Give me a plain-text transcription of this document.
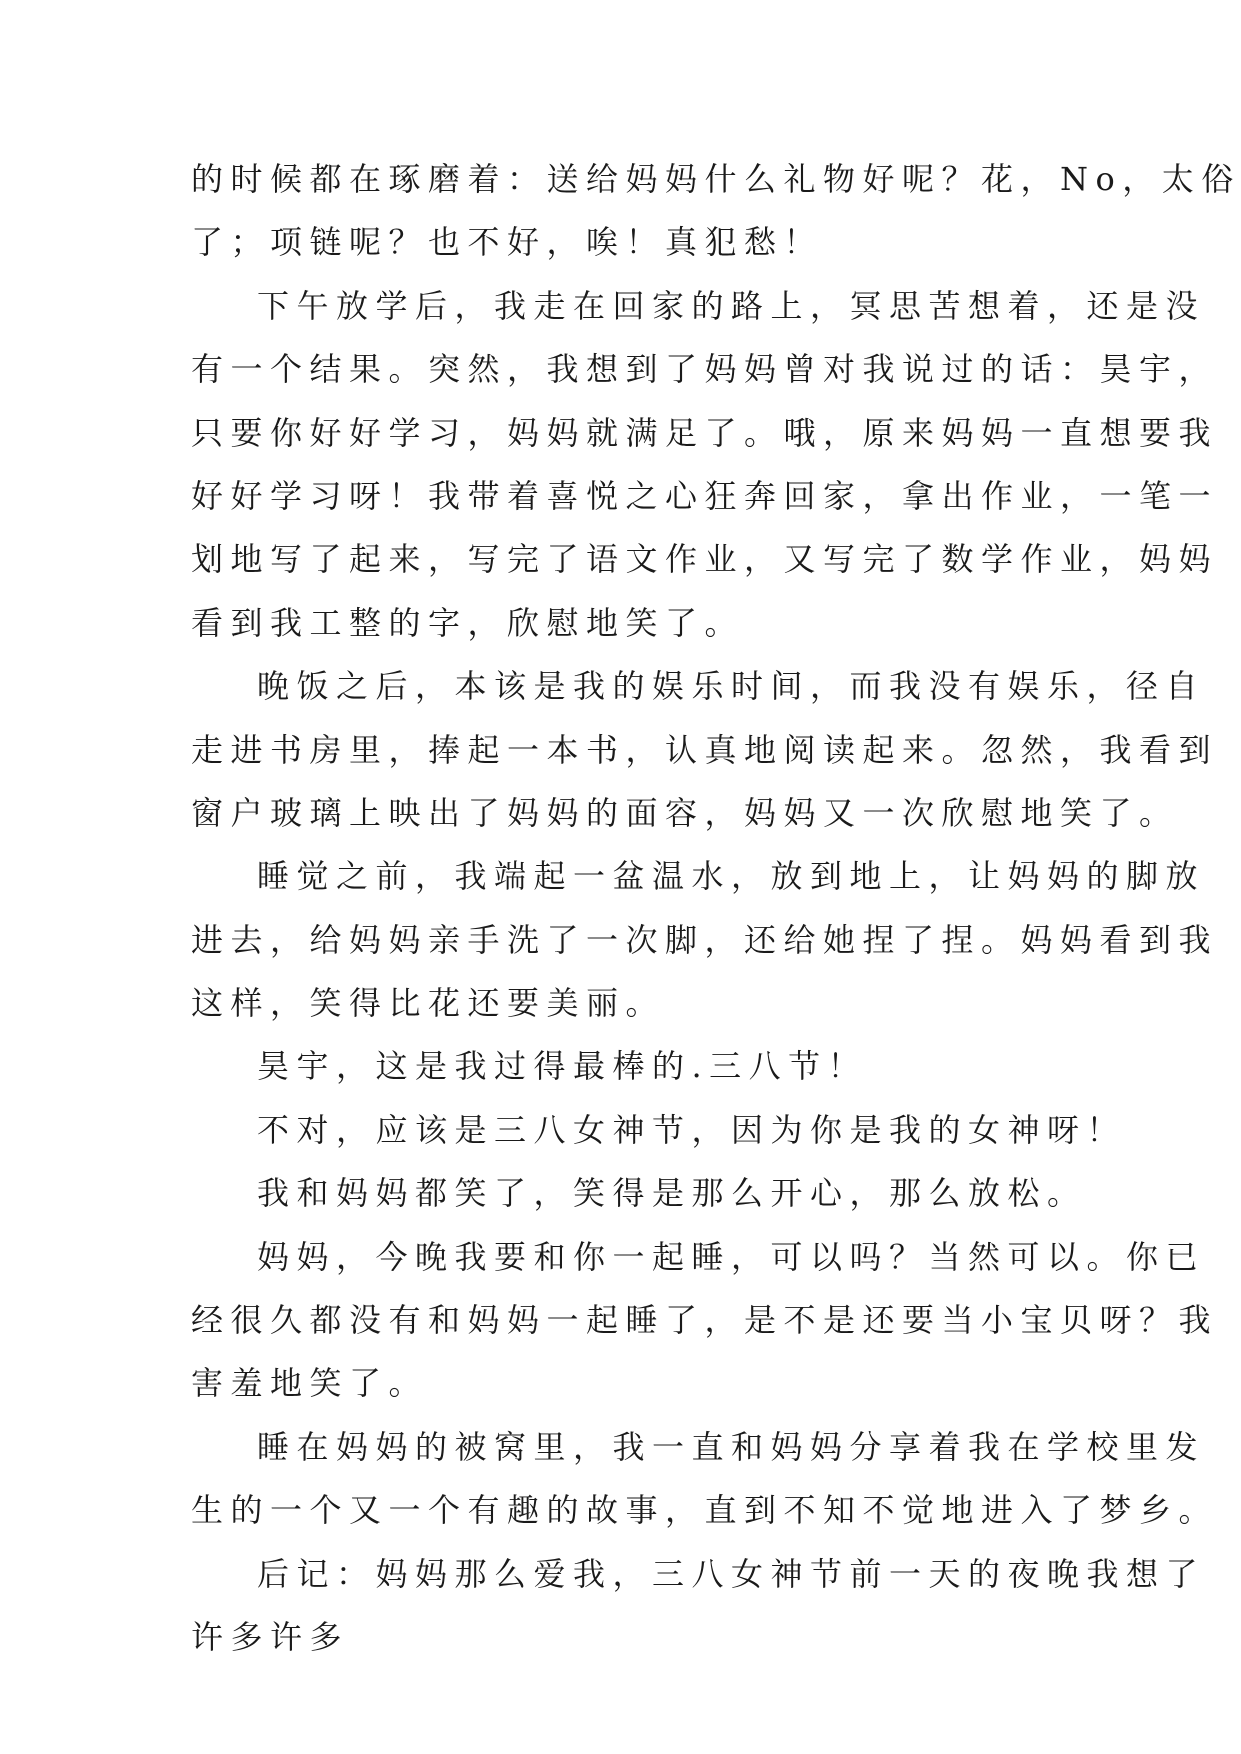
的时候都在琢磨着：送给妈妈什么礼物好呢？花，No，太俗
了；项链呢？也不好，唉！真犯愁！
下午放学后，我走在回家的路上，冥思苦想着，还是没
有一个结果。突然，我想到了妈妈曾对我说过的话：昊宇，
只要你好好学习，妈妈就满足了。哦，原来妈妈一直想要我
好好学习呀！我带着喜悦之心狂奔回家，拿出作业，一笔一
划地写了起来，写完了语文作业，又写完了数学作业，妈妈
看到我工整的字，欣慰地笑了。
晚饭之后，本该是我的娱乐时间，而我没有娱乐，径自
走进书房里，捧起一本书，认真地阅读起来。忽然，我看到
窗户玻璃上映出了妈妈的面容，妈妈又一次欣慰地笑了。
睡觉之前，我端起一盆温水，放到地上，让妈妈的脚放
进去，给妈妈亲手洗了一次脚，还给她捏了捏。妈妈看到我
这样，笑得比花还要美丽。
昊宇，这是我过得最棒的.三八节！
不对，应该是三八女神节，因为你是我的女神呀！
我和妈妈都笑了，笑得是那么开心，那么放松。
妈妈，今晚我要和你一起睡，可以吗？当然可以。你已
经很久都没有和妈妈一起睡了，是不是还要当小宝贝呀？我
害羞地笑了。
睡在妈妈的被窝里，我一直和妈妈分享着我在学校里发
生的一个又一个有趣的故事，直到不知不觉地进入了梦乡。
后记：妈妈那么爱我，三八女神节前一天的夜晚我想了
许多许多
